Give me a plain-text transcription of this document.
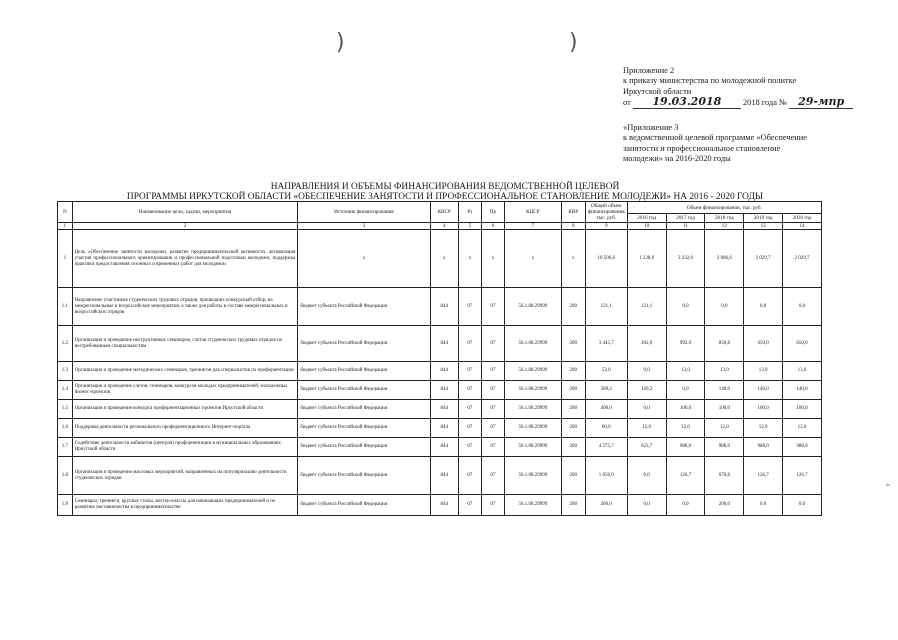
)	)
Приложение 2
к приказу министерства по молодежной политке
Иркутской области
от 19.03.2018	2018 года № 29-мпр
«Приложение 3
к ведомственной целевой программе «Обеспечение
занятости и профессиональное становление
молодежи» на 2016-2020 годы
НАПРАВЛЕНИЯ И ОБЪЕМЫ ФИНАНСИРОВАНИЯ ВЕДОМСТВЕННОЙ ЦЕЛЕВОЙ
ПРОГРАММЫ ИРКУТСКОЙ ОБЛАСТИ «ОБЕСПЕЧЕНИЕ ЗАНЯТОСТИ И ПРОФЕССИОНАЛЬНОЕ СТАНОВЛЕНИЕ МОЛОДЕЖИ» НА 2016 - 2020 ГОДЫ
N	Наименование цели, задачи, мероприятия	Источник финансирования	КВСР	Рз	Пр	КЦСР	КВР	Общий объем финансирования, тыс. руб.	Объем финансирования, тыс. руб.				
									2016 год	2017 год	2018 год	2019 год	2020 год
1	2	3	4	5	6	7	8	9	10	11	12	13	14
1	Цель «Обеспечение занятости молодежи, развитие предпринимательской активности, активизация участия профессионального ориентирования и профессиональной подготовки молодежи, поддержка практики предоставления сезонных и временных работ для молодежи»	х	х	х	х	х	х	10 506,6	1 228,0	2 232,6	2 986,6	2 029,7	2 029,7
1.1	Направление участников студенческих трудовых отрядов, прошедших конкурсный отбор, на межрегиональные и всероссийские мероприятия, а также для работы в составе межрегиональных и всероссийских отрядов	бюджет субъекта Российской Федерации	844	07	07	56.1.08.29999	200	121,1	121,1	0,0	0,0	0,0	0,0
1.2	Организация и проведение инструктивных семинаров, слетов студенческих трудовых отрядов по востребованным специальностям	бюджет субъекта Российской Федерации	844	07	07	56.1.08.29999	200	3 445,7	302,0	992,9	850,8	650,0	650,0
1.3	Организация и проведение методических семинаров, тренингов для специалистов по профориентации	бюджет субъекта Российской Федерации	844	07	07	56.1.08.29999	200	52,0	0,0	13,0	13,0	13,0	13,0
1.4	Организация и проведение слетов, семинаров, конкурсов молодых предпринимателей, молодежных бизнес-проектов	бюджет субъекта Российской Федерации	844	07	07	56.1.08.29999	200	589,2	169,2	0,0	140,0	140,0	140,0
1.5	Организация и проведение конкурса профориентационных проектов Иркутской области	бюджет субъекта Российской Федерации	844	07	07	56.1.08.29999	200	400,0	0,0	100,0	100,0	100,0	100,0
1.6	Поддержка деятельности регионального профориентационного Интернет-портала	бюджет субъекта Российской Федерации	844	07	07	56.1.08.29999	200	60,0	12,0	12,0	12,0	12,0	12,0
1.7	Содействие деятельности кабинетов (центров) профориентации в муниципальных образованиях Иркутской области	бюджет субъекта Российской Федерации	844	07	07	56.1.08.29999	200	4 575,7	623,7	988,0	988,0	988,0	988,0
1.8	Организация и проведение массовых мероприятий, направленных на популяризацию деятельности студенческих отрядов	бюджет субъекта Российской Федерации	844	07	07	56.1.08.29999	200	1 056,9	0,0	126,7	676,8	126,7	126,7
1.9	Семинары, тренинги, круглые столы, мастер-классы для начинающих предпринимателей и по развитию наставничества в предпринимательстве	бюджет субъекта Российской Федерации	844	07	07	56.1.08.29999	200	206,0	0,0	0,0	206,0	0,0	0,0
».
